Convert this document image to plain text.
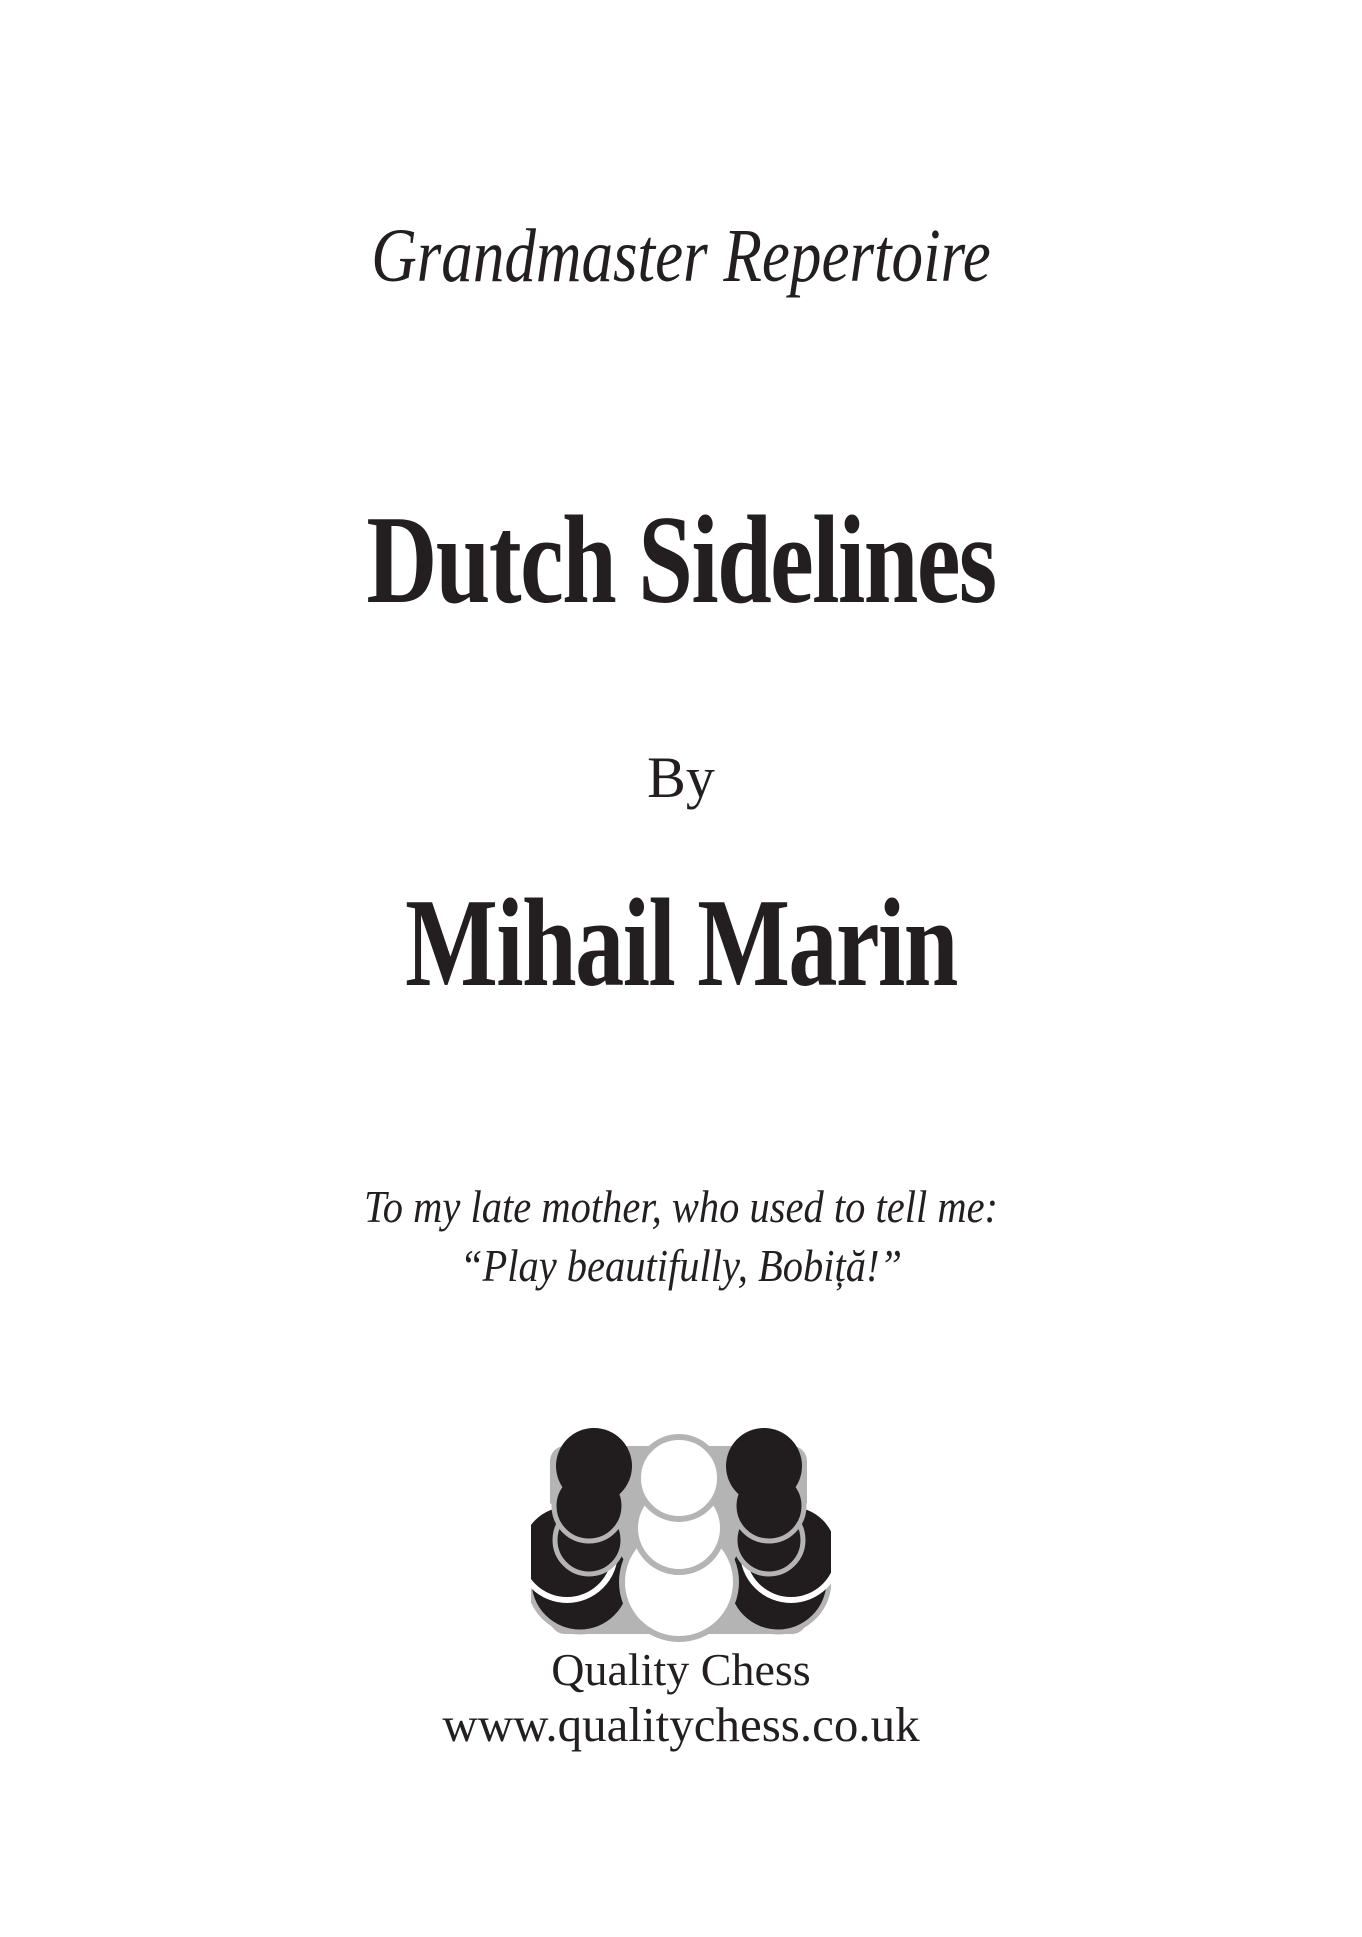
Grandmaster Repertoire
Dutch Sidelines
By
Mihail Marin
To my late mother, who used to tell me:
“Play beautifully, Bobiță!”
Quality Chess
www.qualitychess.co.uk
